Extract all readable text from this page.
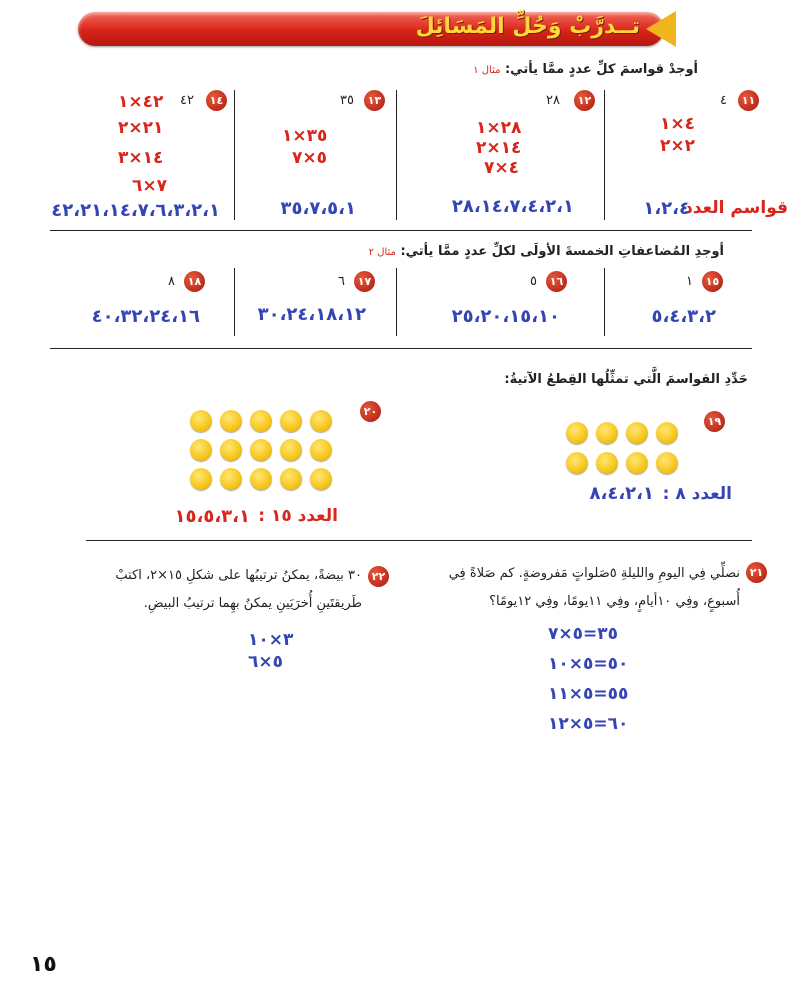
تــدرَّبْ وَحُلِّ المَسَائِلَ
أوجدْ قواسمَ كلِّ عددٍ ممَّا يأتي: مثال ١
١١
٤
٤×١
٢×٢
قواسم العدد
١،٢،٤
١٢
٢٨
٢٨×١
١٤×٢
٤×٧
٢٨،١٤،٧،٤،٢،١
١٣
٣٥
٣٥×١
٥×٧
٣٥،٧،٥،١
١٤
٤٢
٤٢×١
٢١×٢
١٤×٣
٧×٦
٤٢،٢١،١٤،٧،٦،٣،٢،١
أوجدِ المُضاعفاتِ الخمسةَ الأولَى لكلِّ عددٍ ممَّا يأتي: مثال ٢
١٥
١
٥،٤،٣،٢
١٦
٥
٢٥،٢٠،١٥،١٠
١٧
٦
٣٠،٢٤،١٨،١٢
١٨
٨
٤٠،٣٢،٢٤،١٦
حَدِّدِ القواسمَ الَّتي تمثِّلُها القِطعُ الآتيةُ:
١٩
العدد ٨ :
٨،٤،٢،١
٢٠
العدد ١٥ :
١٥،٥،٣،١
٢١
نصلِّي فِي اليومِ والليلةِ ٥صَلواتٍ مَفروضةٍ. كم صَلاةً فِي أُسبوعٍ، وفِي ١٠أيامٍ، وفِي ١١يومًا، وفِي ١٢يومًا؟
٣٥=٥×٧
٥٠=٥×١٠
٥٥=٥×١١
٦٠=٥×١٢
٢٢
٣٠ بيضةً، يمكنُ ترتيبُها على شكلِ ١٥×٢، اكتبْ طَريقتَينِ أُخرَيَينِ يمكنُ بهِما ترتيبُ البيضِ.
٣×١٠
٥×٦
١٥
